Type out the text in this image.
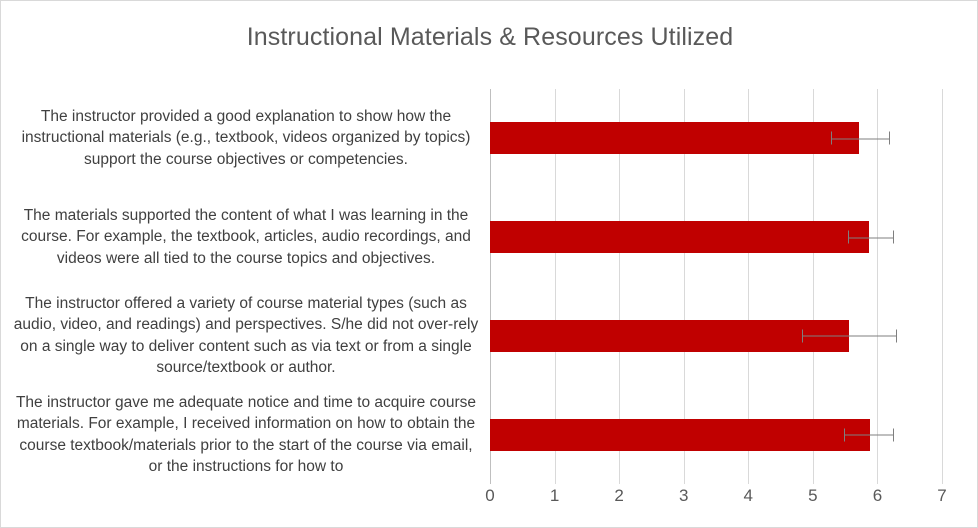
Instructional Materials & Resources Utilized
The instructor provided a good explanation to show how the instructional materials (e.g., textbook, videos organized by topics) support the course objectives or competencies.
The materials supported the content of what I was learning in the course. For example, the textbook, articles, audio recordings, and videos were all tied to the course topics and objectives.
The instructor offered a variety of course material types (such as audio, video, and readings) and perspectives. S/he did not over-rely on a single way to deliver content such as via text or from a single source/textbook or author.
The instructor gave me adequate notice and time to acquire course materials. For example, I received information on how to obtain the course textbook/materials prior to the start of the course via email, or the instructions for how to
0	1	2	3	4	5	6	7
